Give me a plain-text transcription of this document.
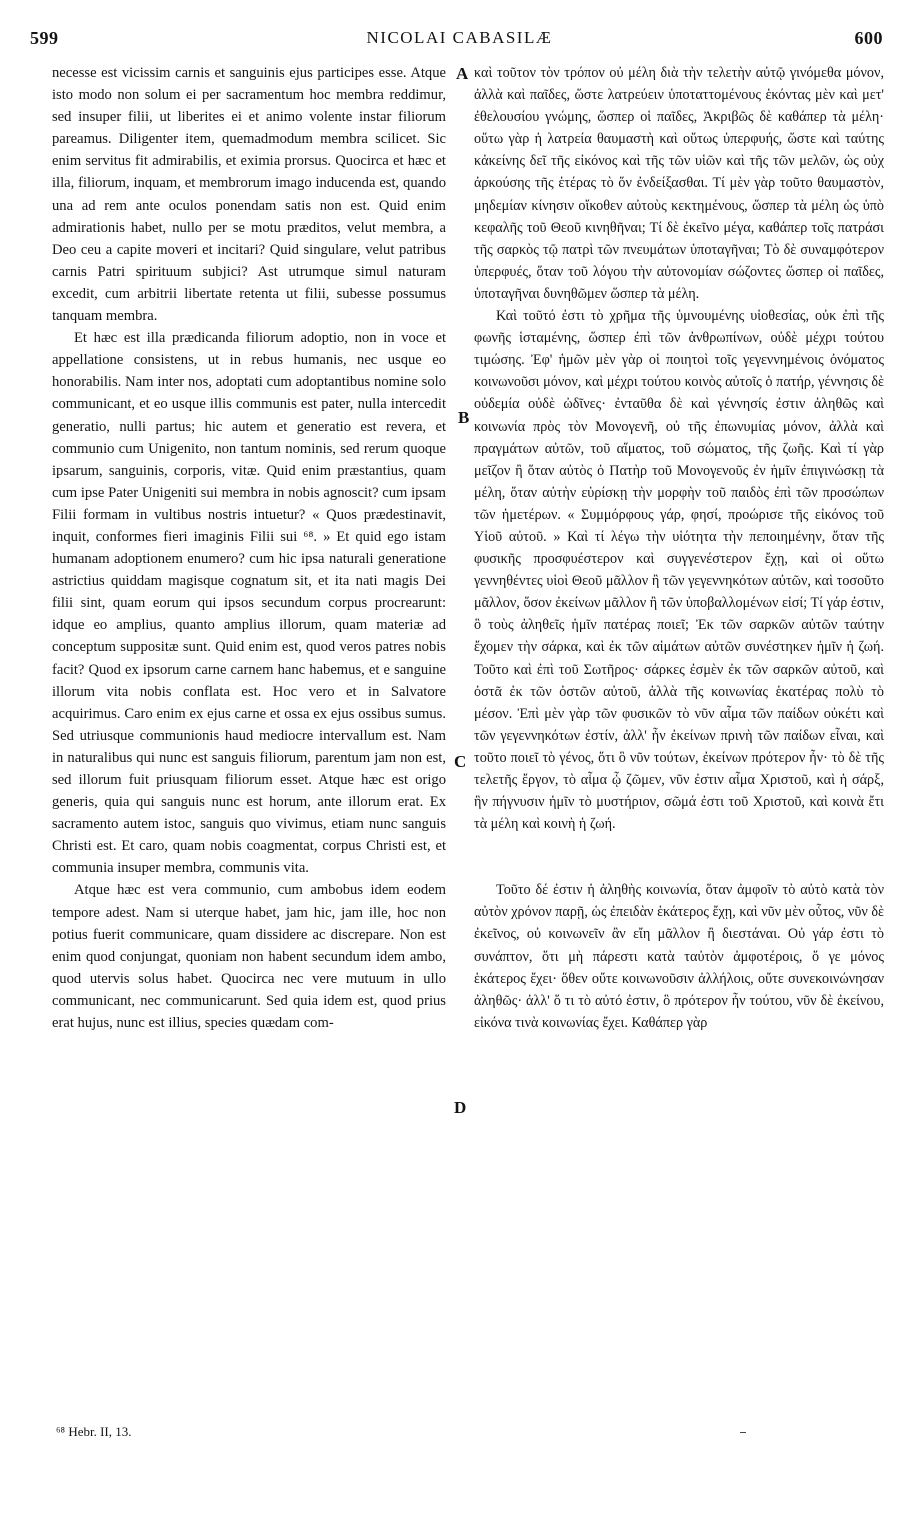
599	NICOLAI CABASILÆ	600

necesse est vicissim carnis et sanguinis ejus participes esse. Atque isto modo non solum ei per sacramentum hoc membra reddimur, sed insuper filii, ut liberites ei et animo volente instar filiorum pareamus. Diligenter item, quemadmodum membra scilicet. Sic enim servitus fit admirabilis, et eximia prorsus. Quocirca et hæc et illa, filiorum, inquam, et membrorum imago inducenda est, quando una ad rem ante oculos ponendam satis non est. Quid enim admirationis habet, nullo per se motu præditos, velut membra, a Deo ceu a capite moveri et incitari? Quid singulare, velut patribus carnis Patri spirituum subjici? Ast utrumque simul naturam excedit, cum arbitrii libertate retenta ut filii, subesse possumus tanquam membra.

Et hæc est illa prædicanda filiorum adoptio, non in voce et appellatione consistens, ut in rebus humanis, nec usque eo honorabilis. Nam inter nos, adoptati cum adoptantibus nomine solo communicant, et eo usque illis communis est pater, nulla intercedit generatio, nulli partus; hic autem et generatio est revera, et communio cum Unigenito, non tantum nominis, sed rerum quoque ipsarum, sanguinis, corporis, vitæ. Quid enim præstantius, quam cum ipse Pater Unigeniti sui membra in nobis agnoscit? cum ipsam Filii formam in vultibus nostris intuetur? « Quos prædestinavit, inquit, conformes fieri imaginis Filii sui ⁶⁸. » Et quid ego istam humanam adoptionem enumero? cum hic ipsa naturali generatione astrictius quiddam magisque cognatum sit, et ita nati magis Dei filii sint, quam eorum qui ipsos secundum corpus procrearunt: idque eo amplius, quanto amplius illorum, quam materiæ ad conceptum suppositæ sunt. Quid enim est, quod veros patres nobis facit? Quod ex ipsorum carne carnem hanc habemus, et e sanguine illorum vita nobis conflata est. Hoc vero et in Salvatore acquirimus. Caro enim ex ejus carne et ossa ex ejus ossibus sumus. Sed utriusque communionis haud mediocre intervallum est. Nam in naturalibus qui nunc est sanguis filiorum, parentum jam non est, sed illorum fuit priusquam filiorum esset. Atque hæc est origo generis, quia qui sanguis nunc est horum, ante illorum erat. Ex sacramento autem istoc, sanguis quo vivimus, etiam nunc sanguis Christi est. Et caro, quam nobis coagmentat, corpus Christi est, et communia insuper membra, communis vita.

Atque hæc est vera communio, cum ambobus idem eodem tempore adest. Nam si uterque habet, jam hic, jam ille, hoc non potius fuerit communicare, quam dissidere ac discrepare. Non est enim quod conjungat, quoniam non habent secundum idem ambo, quod utervis solus habet. Quocirca nec vere mutuum in ullo communicant, nec communicarunt. Sed quia idem est, quod prius erat hujus, nunc est illius, species quædam com-

A
B
C
D

καὶ τοῦτον τὸν τρόπον οὐ μέλη διὰ τὴν τελετὴν αὐτῷ γινόμεθα μόνον, ἀλλὰ καὶ παῖδες, ὥστε λατρεύειν ὑποταττομένους ἑκόντας μὲν καὶ μετ' ἐθελουσίου γνώμης, ὥσπερ οἱ παῖδες, Ἀκριβῶς δὲ καθάπερ τὰ μέλη· οὕτω γὰρ ἡ λατρεία θαυμαστὴ καὶ οὕτως ὑπερφυής, ὥστε καὶ ταύτης κἀκείνης δεῖ τῆς εἰκόνος καὶ τῆς τῶν υἱῶν καὶ τῆς τῶν μελῶν, ὡς οὐχ ἀρκούσης τῆς ἑτέρας τὸ ὅν ἐνδείξασθαι. Τί μὲν γὰρ τοῦτο θαυμαστὸν, μηδεμίαν κίνησιν οἴκοθεν αὐτοὺς κεκτημένους, ὥσπερ τὰ μέλη ὡς ὑπὸ κεφαλῆς τοῦ Θεοῦ κινηθῆναι; Τί δὲ ἐκεῖνο μέγα, καθάπερ τοῖς πατράσι τῆς σαρκὸς τῷ πατρὶ τῶν πνευμάτων ὑποταγῆναι; Τὸ δὲ συναμφότερον ὑπερφυές, ὅταν τοῦ λόγου τὴν αὐτονομίαν σώζοντες ὥσπερ οἱ παῖδες, ὑποταγῆναι δυνηθῶμεν ὥσπερ τὰ μέλη.

Καὶ τοῦτό ἐστι τὸ χρῆμα τῆς ὑμνουμένης υἱοθεσίας, οὐκ ἐπὶ τῆς φωνῆς ἱσταμένης, ὥσπερ ἐπὶ τῶν ἀνθρωπίνων, οὐδὲ μέχρι τούτου τιμώσης. Ἐφ' ἡμῶν μὲν γὰρ οἱ ποιητοὶ τοῖς γεγεννημένοις ὀνόματος κοινωνοῦσι μόνον, καὶ μέχρι τούτου κοινὸς αὐτοῖς ὁ πατήρ, γέννησις δὲ οὐδεμία οὐδὲ ὠδῖνες· ἐνταῦθα δὲ καὶ γέννησίς ἐστιν ἀληθῶς καὶ κοινωνία πρὸς τὸν Μονογενῆ, οὐ τῆς ἐπωνυμίας μόνον, ἀλλὰ καὶ πραγμάτων αὐτῶν, τοῦ αἵματος, τοῦ σώματος, τῆς ζωῆς. Καὶ τί γὰρ μεῖζον ἢ ὅταν αὐτὸς ὁ Πατὴρ τοῦ Μονογενοῦς ἐν ἡμῖν ἐπιγινώσκῃ τὰ μέλη, ὅταν αὐτὴν εὑρίσκῃ τὴν μορφὴν τοῦ παιδὸς ἐπὶ τῶν προσώπων τῶν ἡμετέρων. « Συμμόρφους γάρ, φησί, προώρισε τῆς εἰκόνος τοῦ Υἱοῦ αὐτοῦ. » Καὶ τί λέγω τὴν υἱότητα τὴν πεποιημένην, ὅταν τῆς φυσικῆς προσφυέστερον καὶ συγγενέστερον ἔχῃ, καὶ οἱ οὕτω γεννηθέντες υἱοὶ Θεοῦ μᾶλλον ἢ τῶν γεγεννηκότων αὐτῶν, καὶ τοσοῦτο μᾶλλον, ὅσον ἐκείνων μᾶλλον ἢ τῶν ὑποβαλλομένων εἰσί; Τί γάρ ἐστιν, ὃ τοὺς ἀληθεῖς ἡμῖν πατέρας ποιεῖ; Ἐκ τῶν σαρκῶν αὐτῶν ταύτην ἔχομεν τὴν σάρκα, καὶ ἐκ τῶν αἱμάτων αὐτῶν συνέστηκεν ἡμῖν ἡ ζωή. Τοῦτο καὶ ἐπὶ τοῦ Σωτῆρος· σάρκες ἐσμὲν ἐκ τῶν σαρκῶν αὐτοῦ, καὶ ὀστᾶ ἐκ τῶν ὀστῶν αὐτοῦ, ἀλλὰ τῆς κοινωνίας ἑκατέρας πολὺ τὸ μέσον. Ἐπὶ μὲν γὰρ τῶν φυσικῶν τὸ νῦν αἷμα τῶν παίδων οὐκέτι καὶ τῶν γεγεννηκότων ἐστίν, ἀλλ' ἦν ἐκείνων πρινὴ τῶν παίδων εἶναι, καὶ τοῦτο ποιεῖ τὸ γένος, ὅτι ὃ νῦν τούτων, ἐκείνων πρότερον ἦν· τὸ δὲ τῆς τελετῆς ἔργον, τὸ αἷμα ᾧ ζῶμεν, νῦν ἐστιν αἷμα Χριστοῦ, καὶ ἡ σάρξ, ἣν πήγνυσιν ἡμῖν τὸ μυστήριον, σῶμά ἐστι τοῦ Χριστοῦ, καὶ κοινὰ ἔτι τὰ μέλη καὶ κοινὴ ἡ ζωή.

Τοῦτο δέ ἐστιν ἡ ἀληθὴς κοινωνία, ὅταν ἀμφοῖν τὸ αὐτὸ κατὰ τὸν αὐτὸν χρόνον παρῇ, ὡς ἐπειδὰν ἑκάτερος ἔχῃ, καὶ νῦν μὲν οὗτος, νῦν δὲ ἐκεῖνος, οὐ κοινωνεῖν ἂν εἴη μᾶλλον ἢ διεστάναι. Οὐ γάρ ἐστι τὸ συνάπτον, ὅτι μὴ πάρεστι κατὰ ταὐτὸν ἀμφοτέροις, ὅ γε μόνος ἑκάτερος ἔχει· ὅθεν οὔτε κοινωνοῦσιν ἀλλήλοις, οὔτε συνεκοινώνησαν ἀληθῶς· ἀλλ' ὅ τι τὸ αὐτό ἐστιν, ὃ πρότερον ἦν τούτου, νῦν δὲ ἐκείνου, εἰκόνα τινὰ κοινωνίας ἔχει. Καθάπερ γὰρ

⁶⁸ Hebr. II, 13.
